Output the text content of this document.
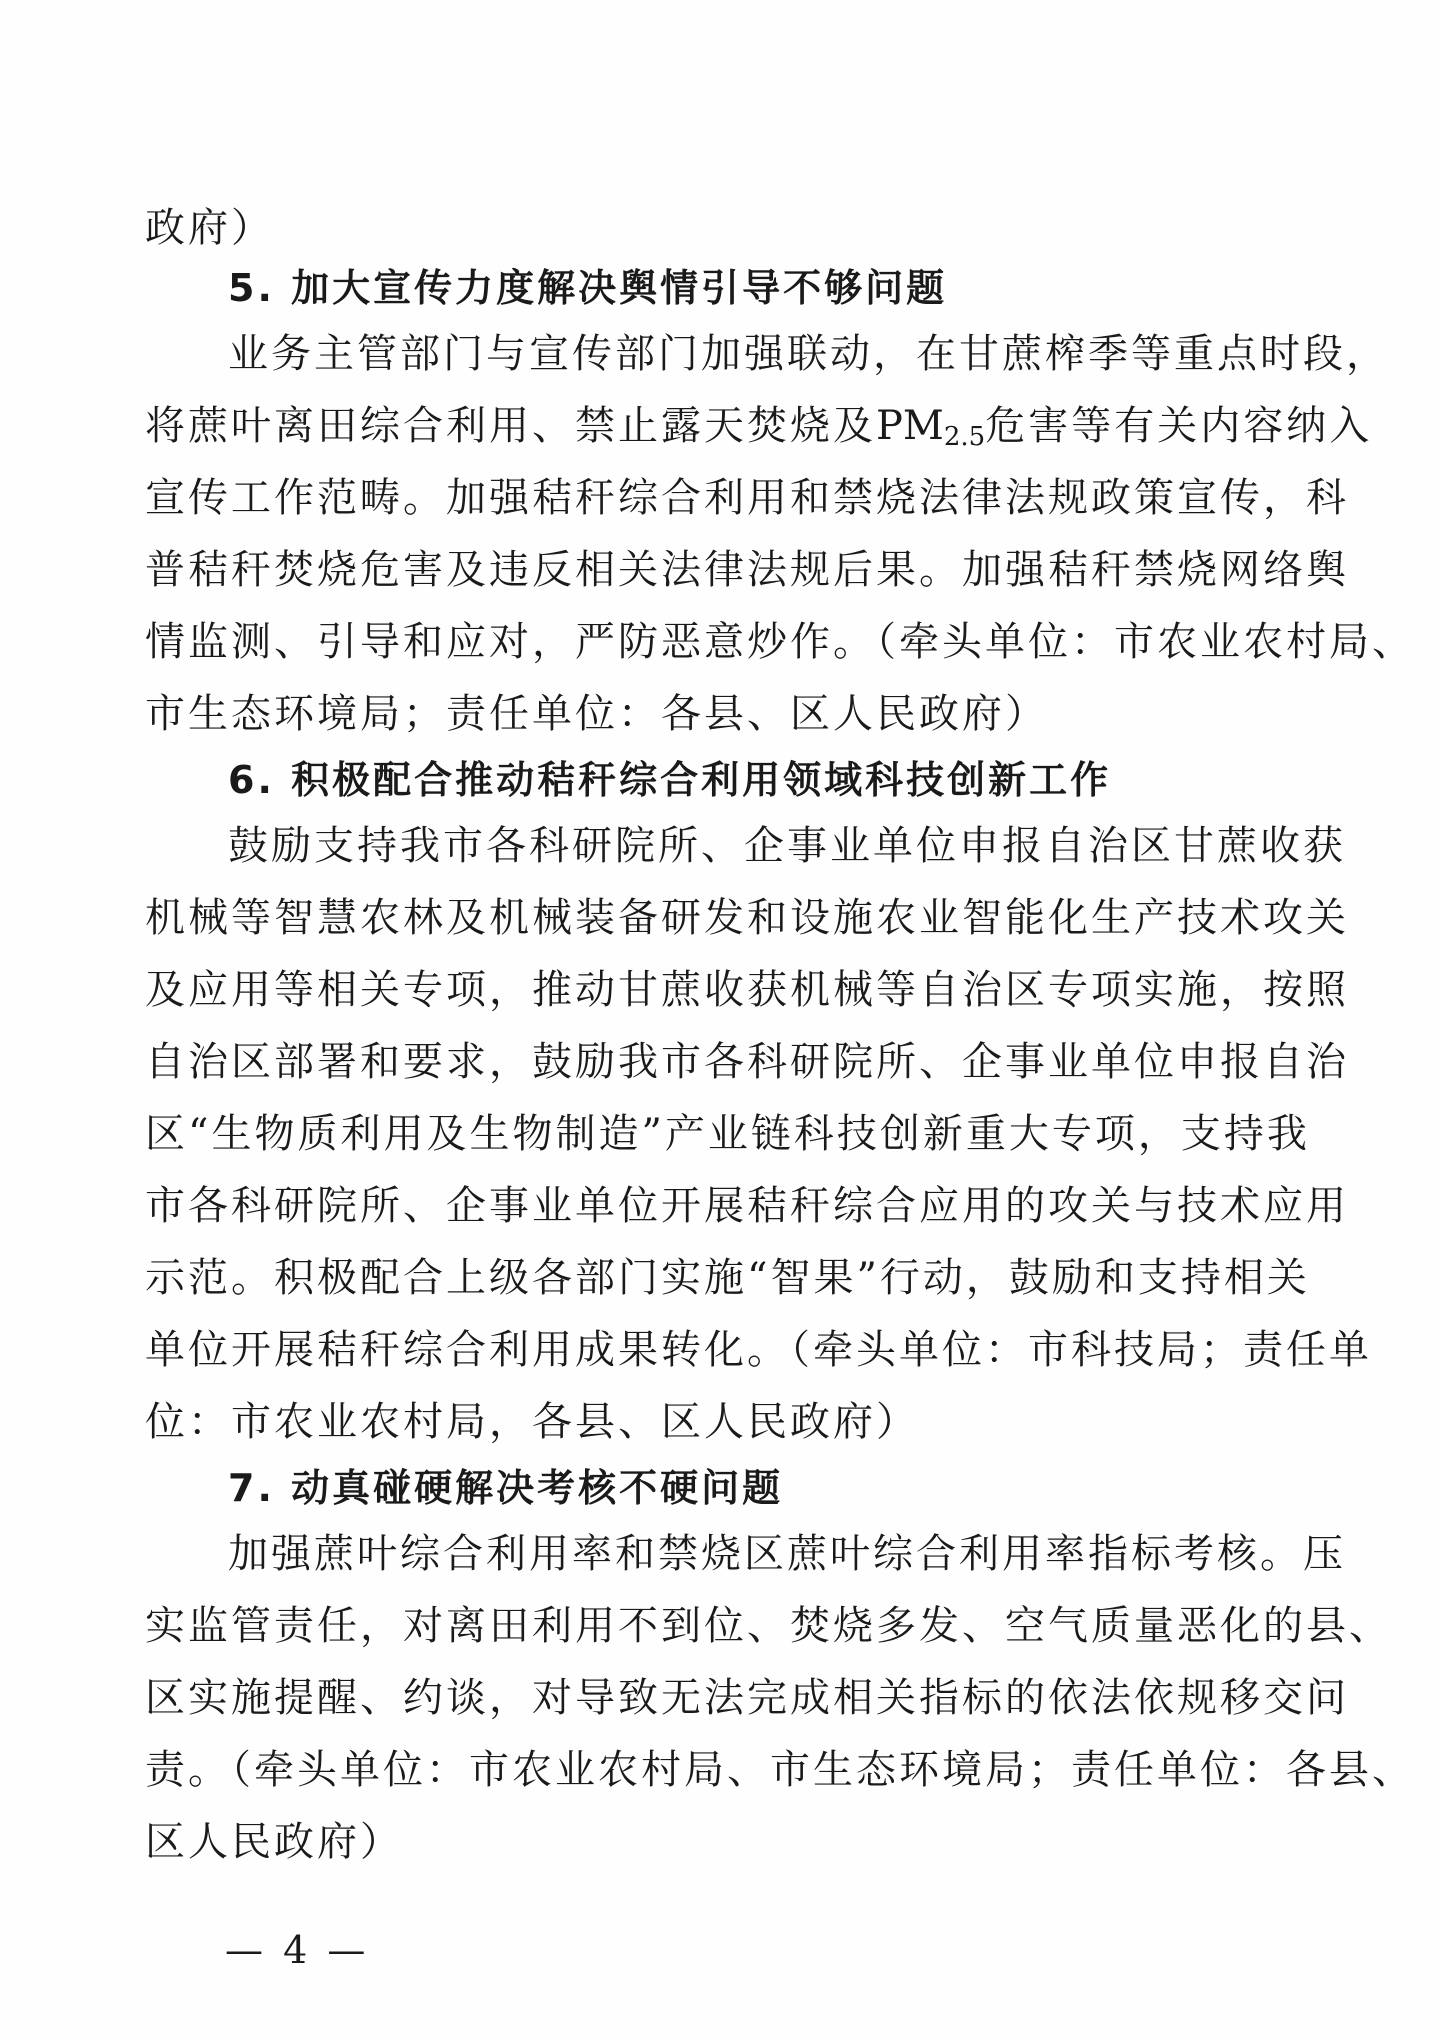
政府）
5. 加大宣传力度解决舆情引导不够问题
业务主管部门与宣传部门加强联动，在甘蔗榨季等重点时段，
将蔗叶离田综合利用、禁止露天焚烧及PM2.5危害等有关内容纳入
宣传工作范畴。加强秸秆综合利用和禁烧法律法规政策宣传，科
普秸秆焚烧危害及违反相关法律法规后果。加强秸秆禁烧网络舆
情监测、引导和应对，严防恶意炒作。（牵头单位：市农业农村局、
市生态环境局；责任单位：各县、区人民政府）
6. 积极配合推动秸秆综合利用领域科技创新工作
鼓励支持我市各科研院所、企事业单位申报自治区甘蔗收获
机械等智慧农林及机械装备研发和设施农业智能化生产技术攻关
及应用等相关专项，推动甘蔗收获机械等自治区专项实施，按照
自治区部署和要求，鼓励我市各科研院所、企事业单位申报自治
区“生物质利用及生物制造”产业链科技创新重大专项，支持我
市各科研院所、企事业单位开展秸秆综合应用的攻关与技术应用
示范。积极配合上级各部门实施“智果”行动，鼓励和支持相关
单位开展秸秆综合利用成果转化。（牵头单位：市科技局；责任单
位：市农业农村局，各县、区人民政府）
7. 动真碰硬解决考核不硬问题
加强蔗叶综合利用率和禁烧区蔗叶综合利用率指标考核。压
实监管责任，对离田利用不到位、焚烧多发、空气质量恶化的县、
区实施提醒、约谈，对导致无法完成相关指标的依法依规移交问
责。（牵头单位：市农业农村局、市生态环境局；责任单位：各县、
区人民政府）
— 4 —
